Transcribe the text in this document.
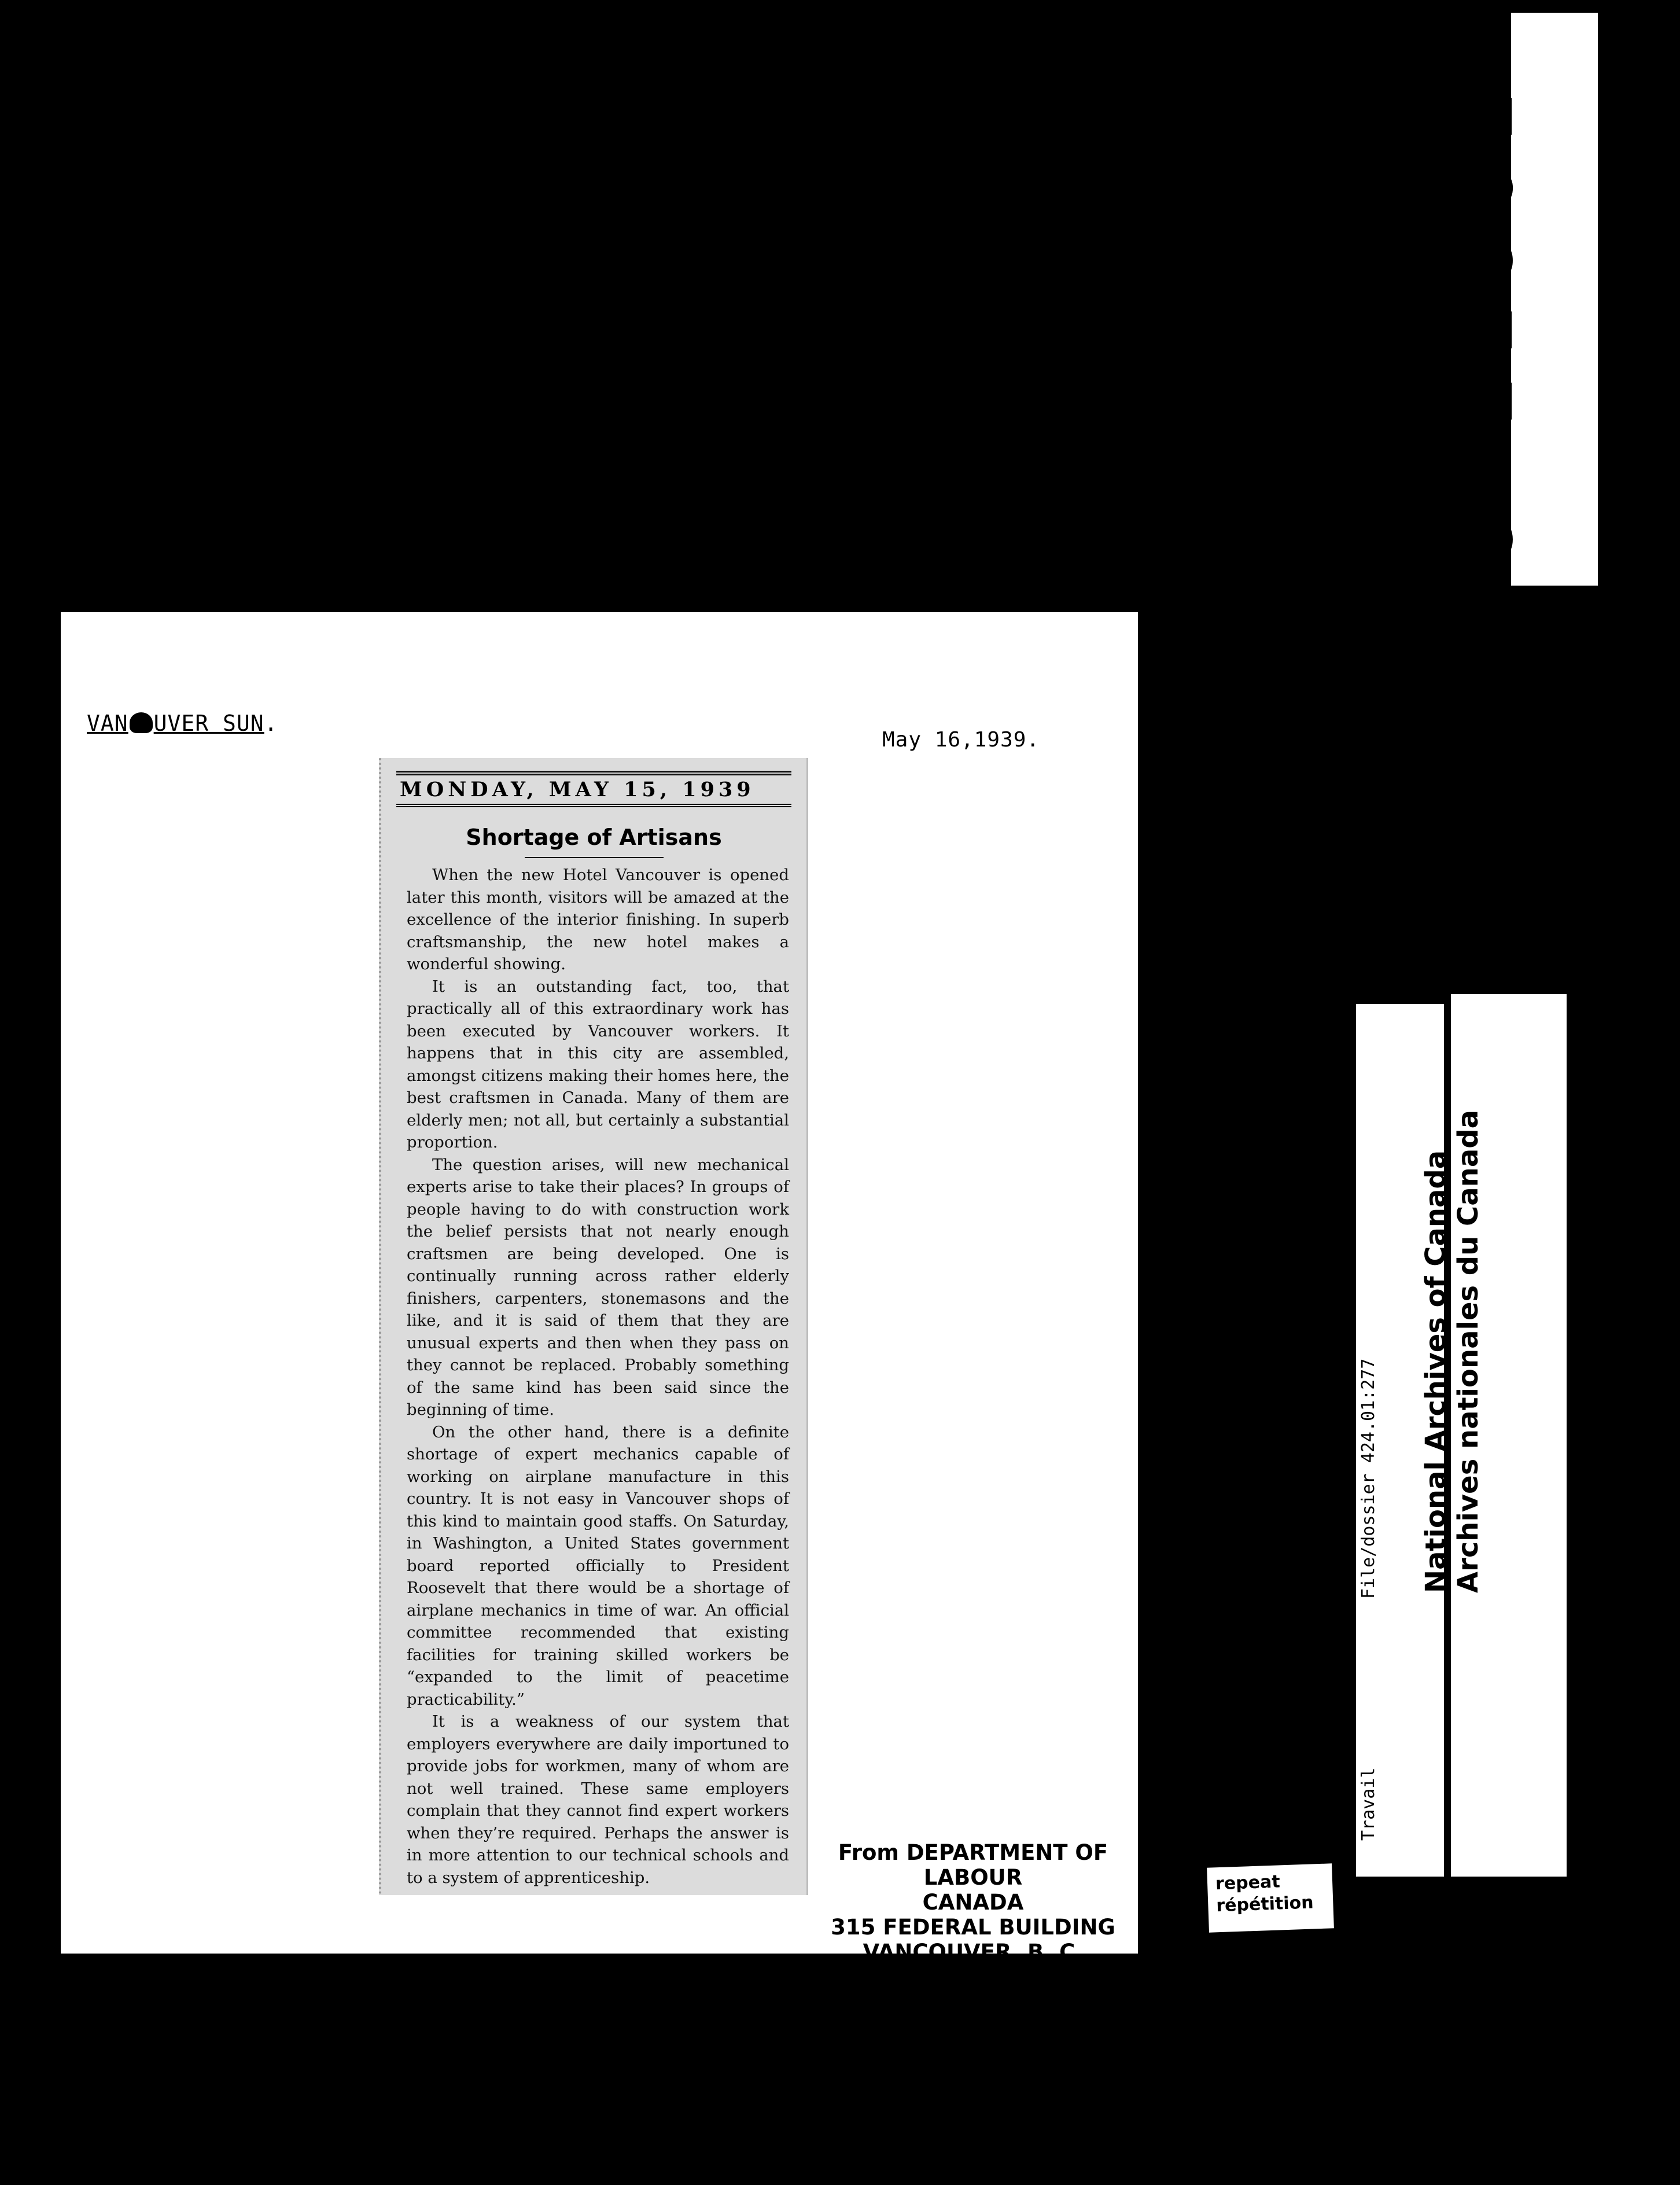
VAN UVER SUN.
May 16,1939.
MONDAY, MAY 15, 1939
Shortage of Artisans

When the new Hotel Vancouver is opened later this month, visitors will be amazed at the excellence of the interior finishing. In superb craftsmanship, the new hotel makes a wonderful showing.

It is an outstanding fact, too, that practically all of this extraordinary work has been executed by Vancouver workers. It happens that in this city are assembled, amongst citizens making their homes here, the best craftsmen in Canada. Many of them are elderly men; not all, but certainly a substantial proportion.

The question arises, will new mechanical experts arise to take their places? In groups of people having to do with construction work the belief persists that not nearly enough craftsmen are being developed. One is continually running across rather elderly finishers, carpenters, stonemasons and the like, and it is said of them that they are unusual experts and then when they pass on they cannot be replaced. Probably something of the same kind has been said since the beginning of time.

On the other hand, there is a definite shortage of expert mechanics capable of working on airplane manufacture in this country. It is not easy in Vancouver shops of this kind to maintain good staffs. On Saturday, in Washington, a United States government board reported officially to President Roosevelt that there would be a shortage of airplane mechanics in time of war. An official committee recommended that existing facilities for training skilled workers be “expanded to the limit of peacetime practicability.”

It is a weakness of our system that employers everywhere are daily importuned to provide jobs for workmen, many of whom are not well trained. These same employers complain that they cannot find expert workers when they’re required. Perhaps the answer is in more attention to our technical schools and to a system of apprenticeship.

From DEPARTMENT OF LABOUR
CANADA
315 FEDERAL BUILDING
VANCOUVER, B. C.
repeat
répétition
RG 27, vol. 102 File/dossier 424.01:277
Labour Travail
National Archives of Canada Archives nationales du Canada
C-11861
